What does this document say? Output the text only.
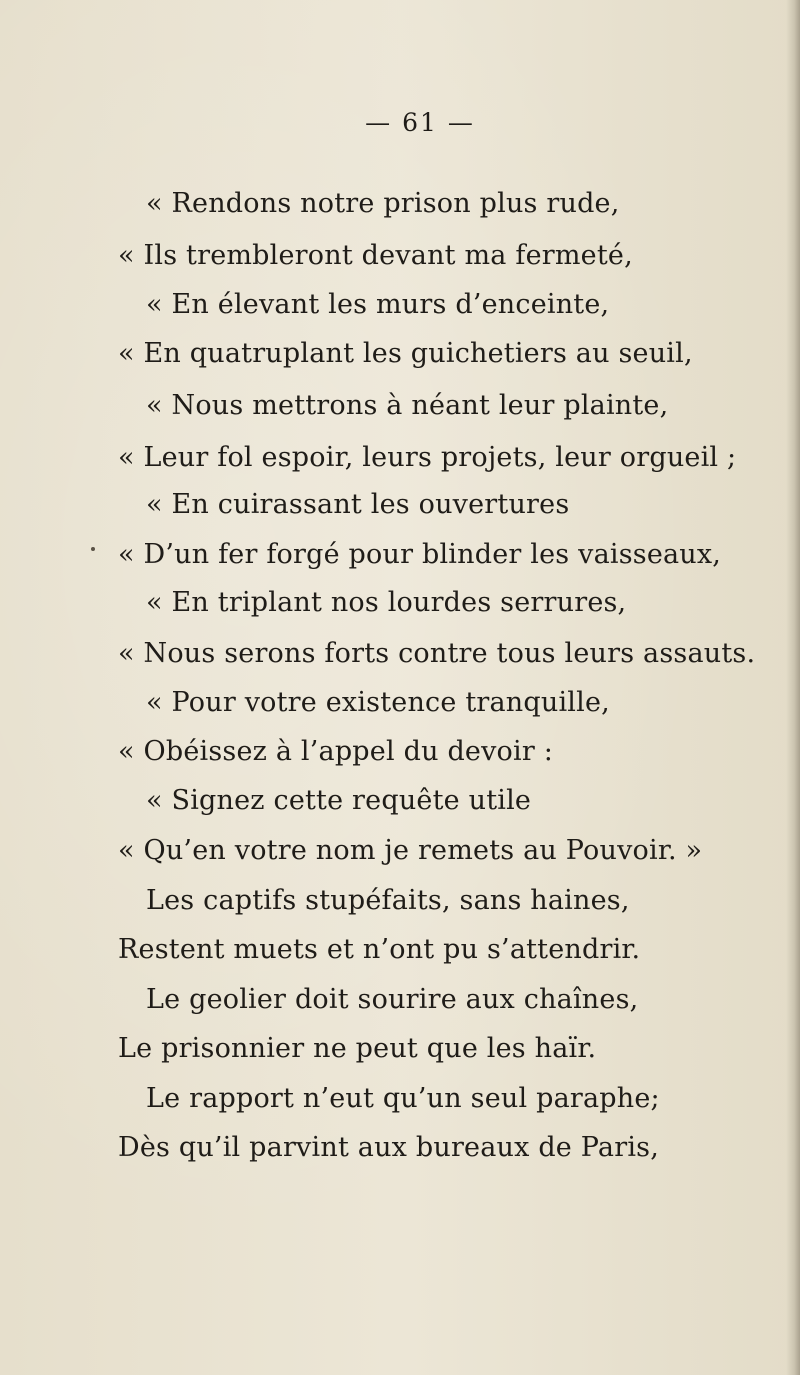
— 61 —
« Rendons notre prison plus rude,
« Ils trembleront devant ma fermeté,
« En élevant les murs d’enceinte,
« En quatruplant les guichetiers au seuil,
« Nous mettrons à néant leur plainte,
« Leur fol espoir, leurs projets, leur orgueil ;
« En cuirassant les ouvertures
« D’un fer forgé pour blinder les vaisseaux,
« En triplant nos lourdes serrures,
« Nous serons forts contre tous leurs assauts.
« Pour votre existence tranquille,
« Obéissez à l’appel du devoir :
« Signez cette requête utile
« Qu’en votre nom je remets au Pouvoir. »
Les captifs stupéfaits, sans haines,
Restent muets et n’ont pu s’attendrir.
Le geolier doit sourire aux chaînes,
Le prisonnier ne peut que les haïr.
Le rapport n’eut qu’un seul paraphe;
Dès qu’il parvint aux bureaux de Paris,
